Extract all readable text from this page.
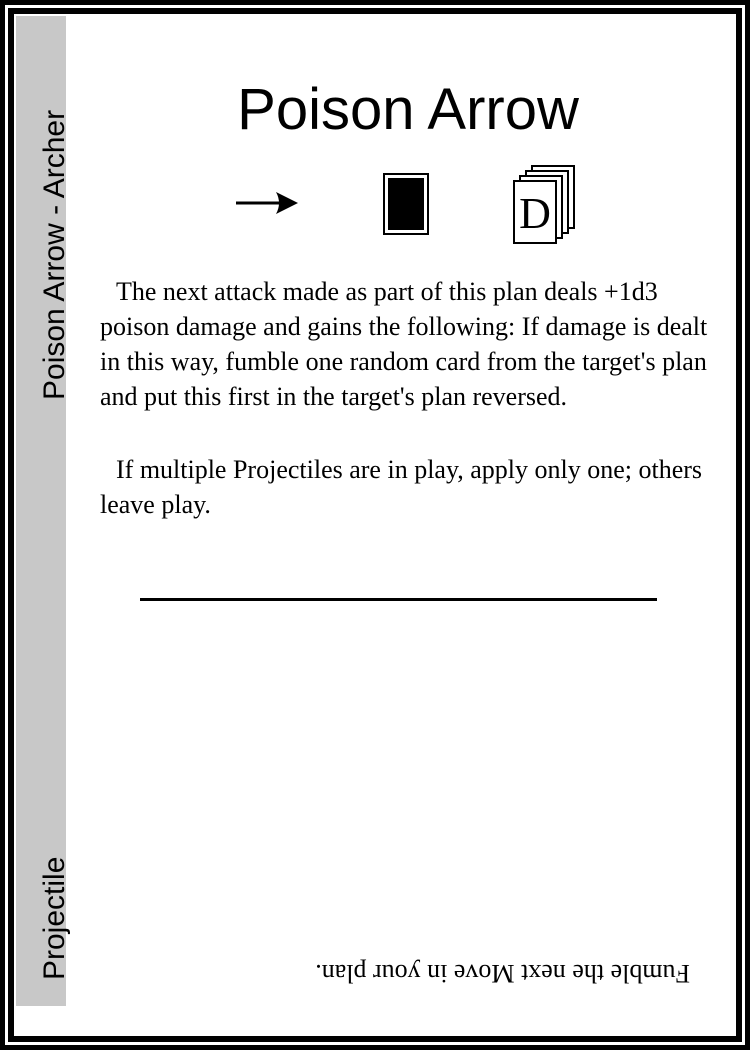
Poison Arrow - Archer
Projectile
Poison Arrow
D

The next attack made as part of this plan deals +1d3 poison damage and gains the following: If damage is dealt in this way, fumble one random card from the target's plan and put this first in the target's plan reversed.

If multiple Projectiles are in play, apply only one; others leave play.

Fumble the next Move in your plan.
